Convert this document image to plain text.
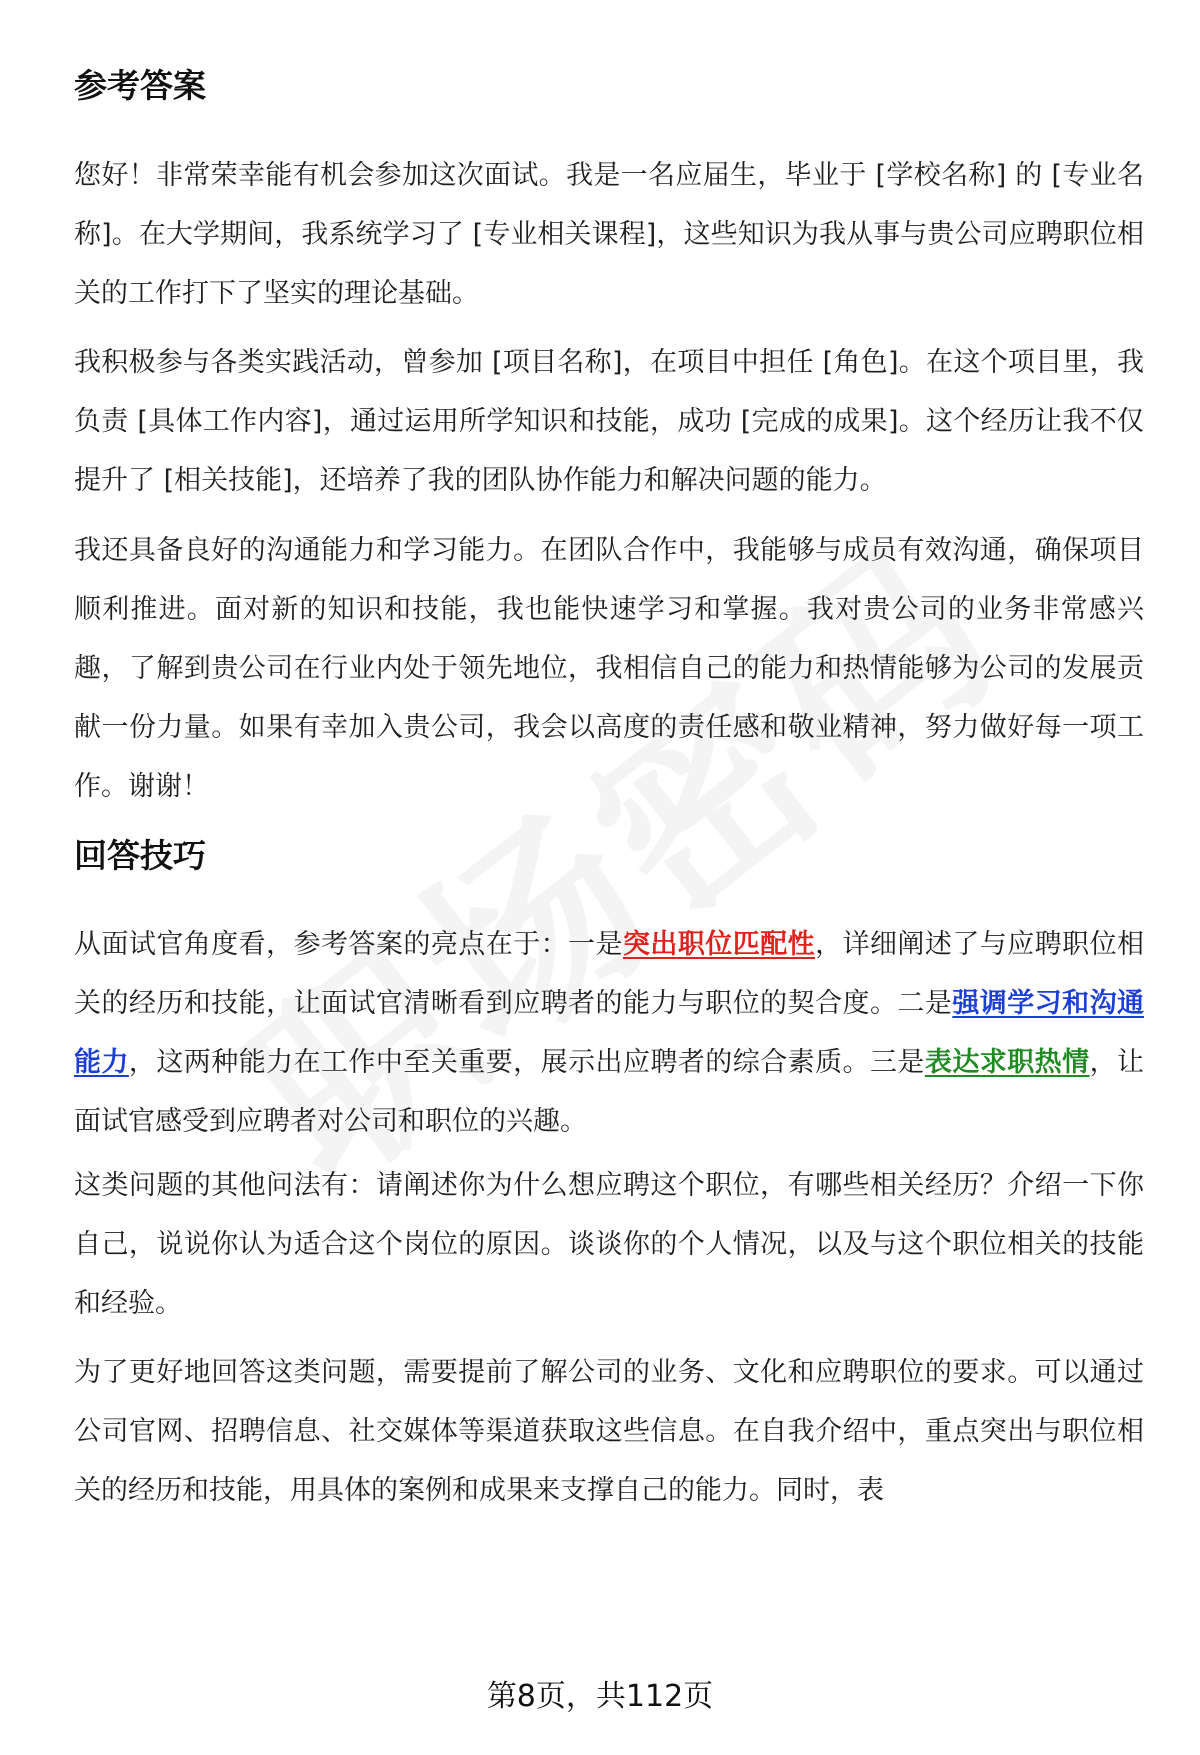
参考答案

您好！非常荣幸能有机会参加这次面试。我是一名应届生，毕业于 [学校名称] 的 [专业名称]。在大学期间，我系统学习了 [专业相关课程]，这些知识为我从事与贵公司应聘职位相关的工作打下了坚实的理论基础。

我积极参与各类实践活动，曾参加 [项目名称]，在项目中担任 [角色]。在这个项目里，我负责 [具体工作内容]，通过运用所学知识和技能，成功 [完成的成果]。这个经历让我不仅提升了 [相关技能]，还培养了我的团队协作能力和解决问题的能力。

我还具备良好的沟通能力和学习能力。在团队合作中，我能够与成员有效沟通，确保项目顺利推进。面对新的知识和技能，我也能快速学习和掌握。我对贵公司的业务非常感兴趣，了解到贵公司在行业内处于领先地位，我相信自己的能力和热情能够为公司的发展贡献一份力量。如果有幸加入贵公司，我会以高度的责任感和敬业精神，努力做好每一项工作。谢谢！

回答技巧

从面试官角度看，参考答案的亮点在于：一是突出职位匹配性，详细阐述了与应聘职位相关的经历和技能，让面试官清晰看到应聘者的能力与职位的契合度。二是强调学习和沟通能力，这两种能力在工作中至关重要，展示出应聘者的综合素质。三是表达求职热情，让面试官感受到应聘者对公司和职位的兴趣。

这类问题的其他问法有：请阐述你为什么想应聘这个职位，有哪些相关经历？介绍一下你自己，说说你认为适合这个岗位的原因。谈谈你的个人情况，以及与这个职位相关的技能和经验。

为了更好地回答这类问题，需要提前了解公司的业务、文化和应聘职位的要求。可以通过公司官网、招聘信息、社交媒体等渠道获取这些信息。在自我介绍中，重点突出与职位相关的经历和技能，用具体的案例和成果来支撑自己的能力。同时，表

第8页，共112页
